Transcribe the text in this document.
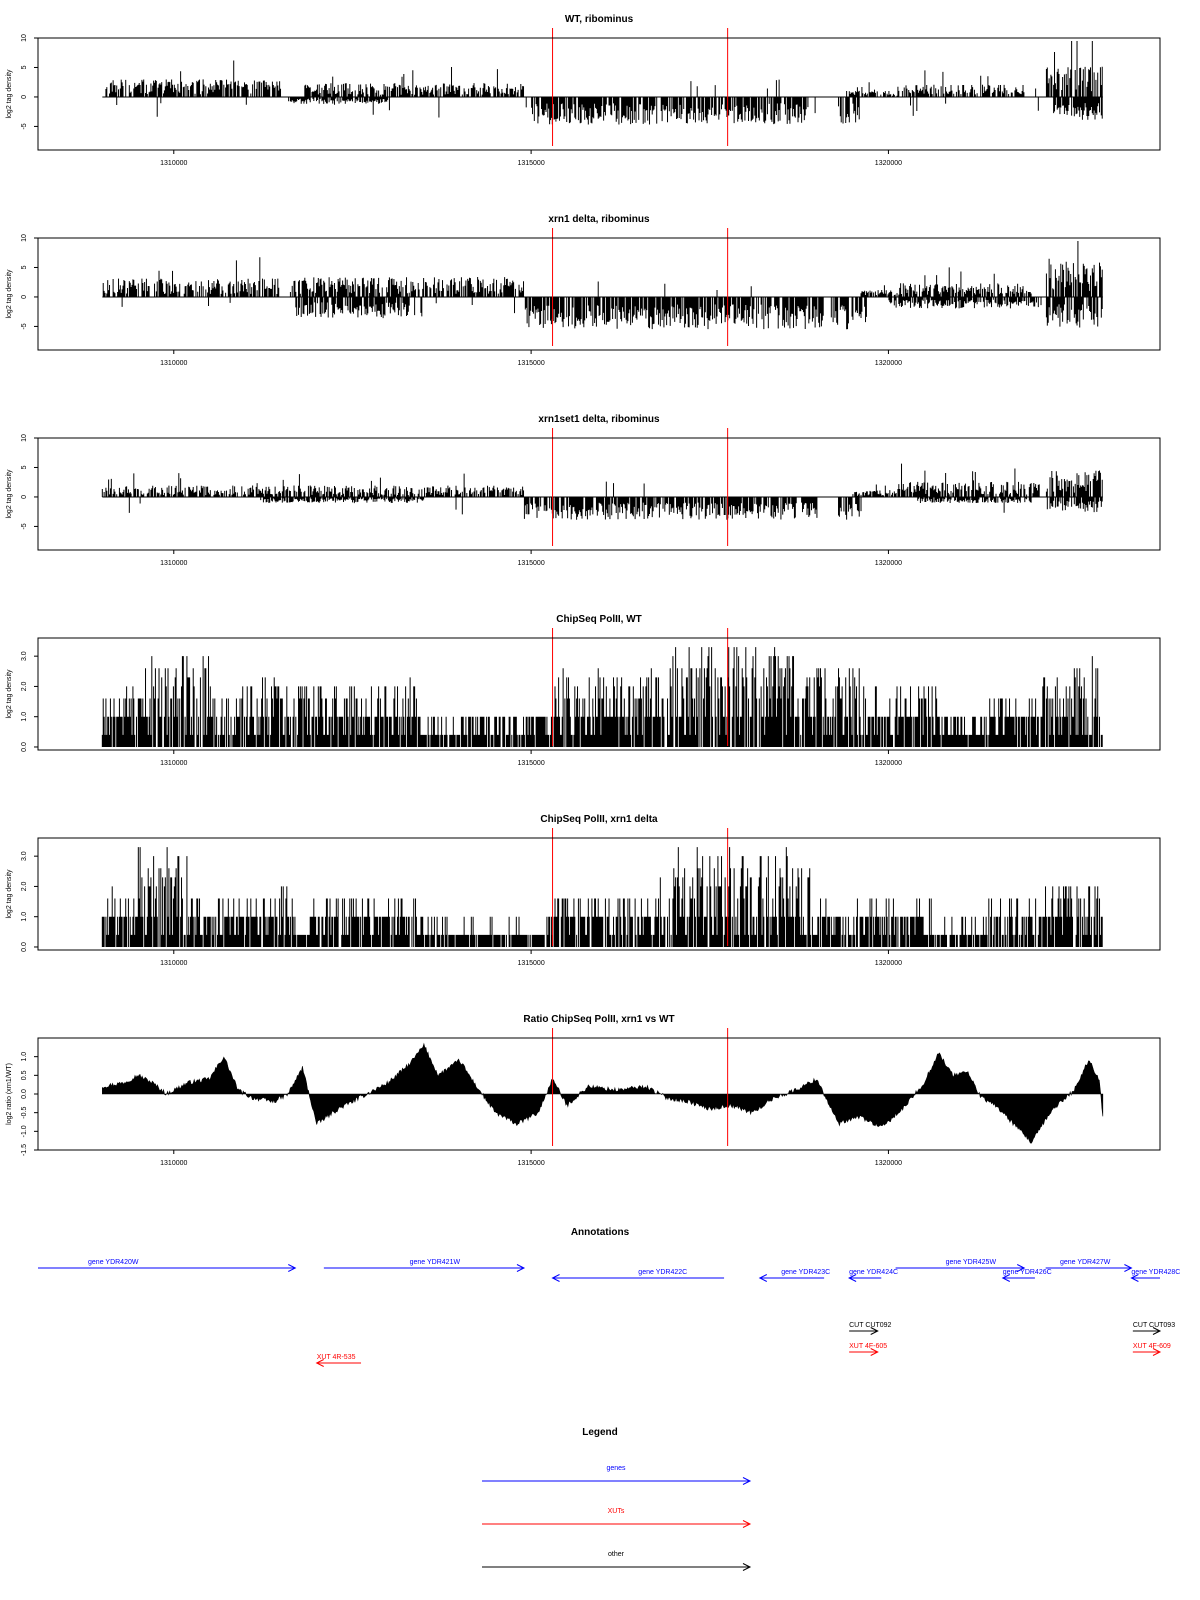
WT, ribominus
log2 tag density
10
5
0
-5
1310000	1315000	1320000
xrn1 delta, ribominus
log2 tag density
10
5
0
-5
1310000	1315000	1320000
xrn1set1 delta, ribominus
log2 tag density
10
5
0
-5
1310000	1315000	1320000
ChipSeq PolII, WT
log2 tag density
0.0
1.0
2.0
3.0
1310000	1315000	1320000
ChipSeq PolII, xrn1 delta
log2 tag density
0.0
1.0
2.0
3.0
1310000	1315000	1320000
Ratio ChipSeq PolII, xrn1 vs WT
log2 ratio (xrn1/WT)
1.0
0.5
0.0
-0.5
-1.0
-1.5
1310000	1315000	1320000
Annotations
gene YDR420W	gene YDR421W
gene YDR422C	gene YDR423C	gene YDR424C
gene YDR425W
gene YDR426C
gene YDR427W
gene YDR428C
CUT CUT092	CUT CUT093
XUT 4R-535
XUT 4F-605	XUT 4F-609
Legend
genes
XUTs
other
